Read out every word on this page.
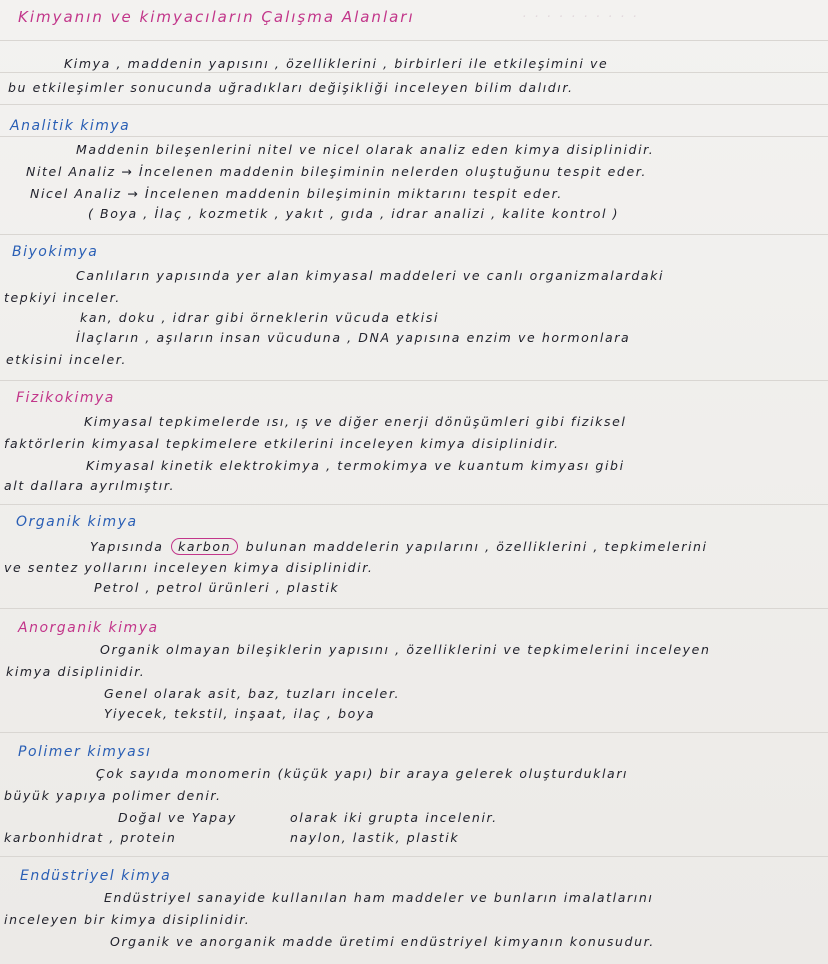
Kimyanın ve kimyacıların Çalışma Alanları	· · · · · · · · · ·
Kimya , maddenin yapısını , özelliklerini , birbirleri ile etkileşimini ve
bu etkileşimler sonucunda uğradıkları değişikliği inceleyen bilim dalıdır.
Analitik kimya
Maddenin bileşenlerini nitel ve nicel olarak analiz eden kimya disiplinidir.
Nitel Analiz → İncelenen maddenin bileşiminin nelerden oluştuğunu tespit eder.
Nicel Analiz → İncelenen maddenin bileşiminin miktarını tespit eder.
( Boya , İlaç , kozmetik , yakıt , gıda , idrar analizi , kalite kontrol )
Biyokimya
Canlıların yapısında yer alan kimyasal maddeleri ve canlı organizmalardaki
tepkiyi inceler.
kan, doku , idrar gibi örneklerin vücuda etkisi
İlaçların , aşıların insan vücuduna , DNA yapısına enzim ve hormonlara
etkisini inceler.
Fizikokimya
Kimyasal tepkimelerde ısı, ış ve diğer enerji dönüşümleri gibi fiziksel
faktörlerin kimyasal tepkimelere etkilerini inceleyen kimya disiplinidir.
Kimyasal kinetik elektrokimya , termokimya ve kuantum kimyası gibi
alt dallara ayrılmıştır.
Organik kimya
Yapısında karbon bulunan maddelerin yapılarını , özelliklerini , tepkimelerini
ve sentez yollarını inceleyen kimya disiplinidir.
Petrol , petrol ürünleri , plastik
Anorganik kimya
Organik olmayan bileşiklerin yapısını , özelliklerini ve tepkimelerini inceleyen
kimya disiplinidir.
Genel olarak asit, baz, tuzları inceler.
Yiyecek, tekstil, inşaat, ilaç , boya
Polimer kimyası
Çok sayıda monomerin (küçük yapı) bir araya gelerek oluşturdukları
büyük yapıya polimer denir.
Doğal ve Yapay	olarak iki grupta incelenir.
karbonhidrat , protein	naylon, lastik, plastik
Endüstriyel kimya
Endüstriyel sanayide kullanılan ham maddeler ve bunların imalatlarını
inceleyen bir kimya disiplinidir.
Organik ve anorganik madde üretimi endüstriyel kimyanın konusudur.
